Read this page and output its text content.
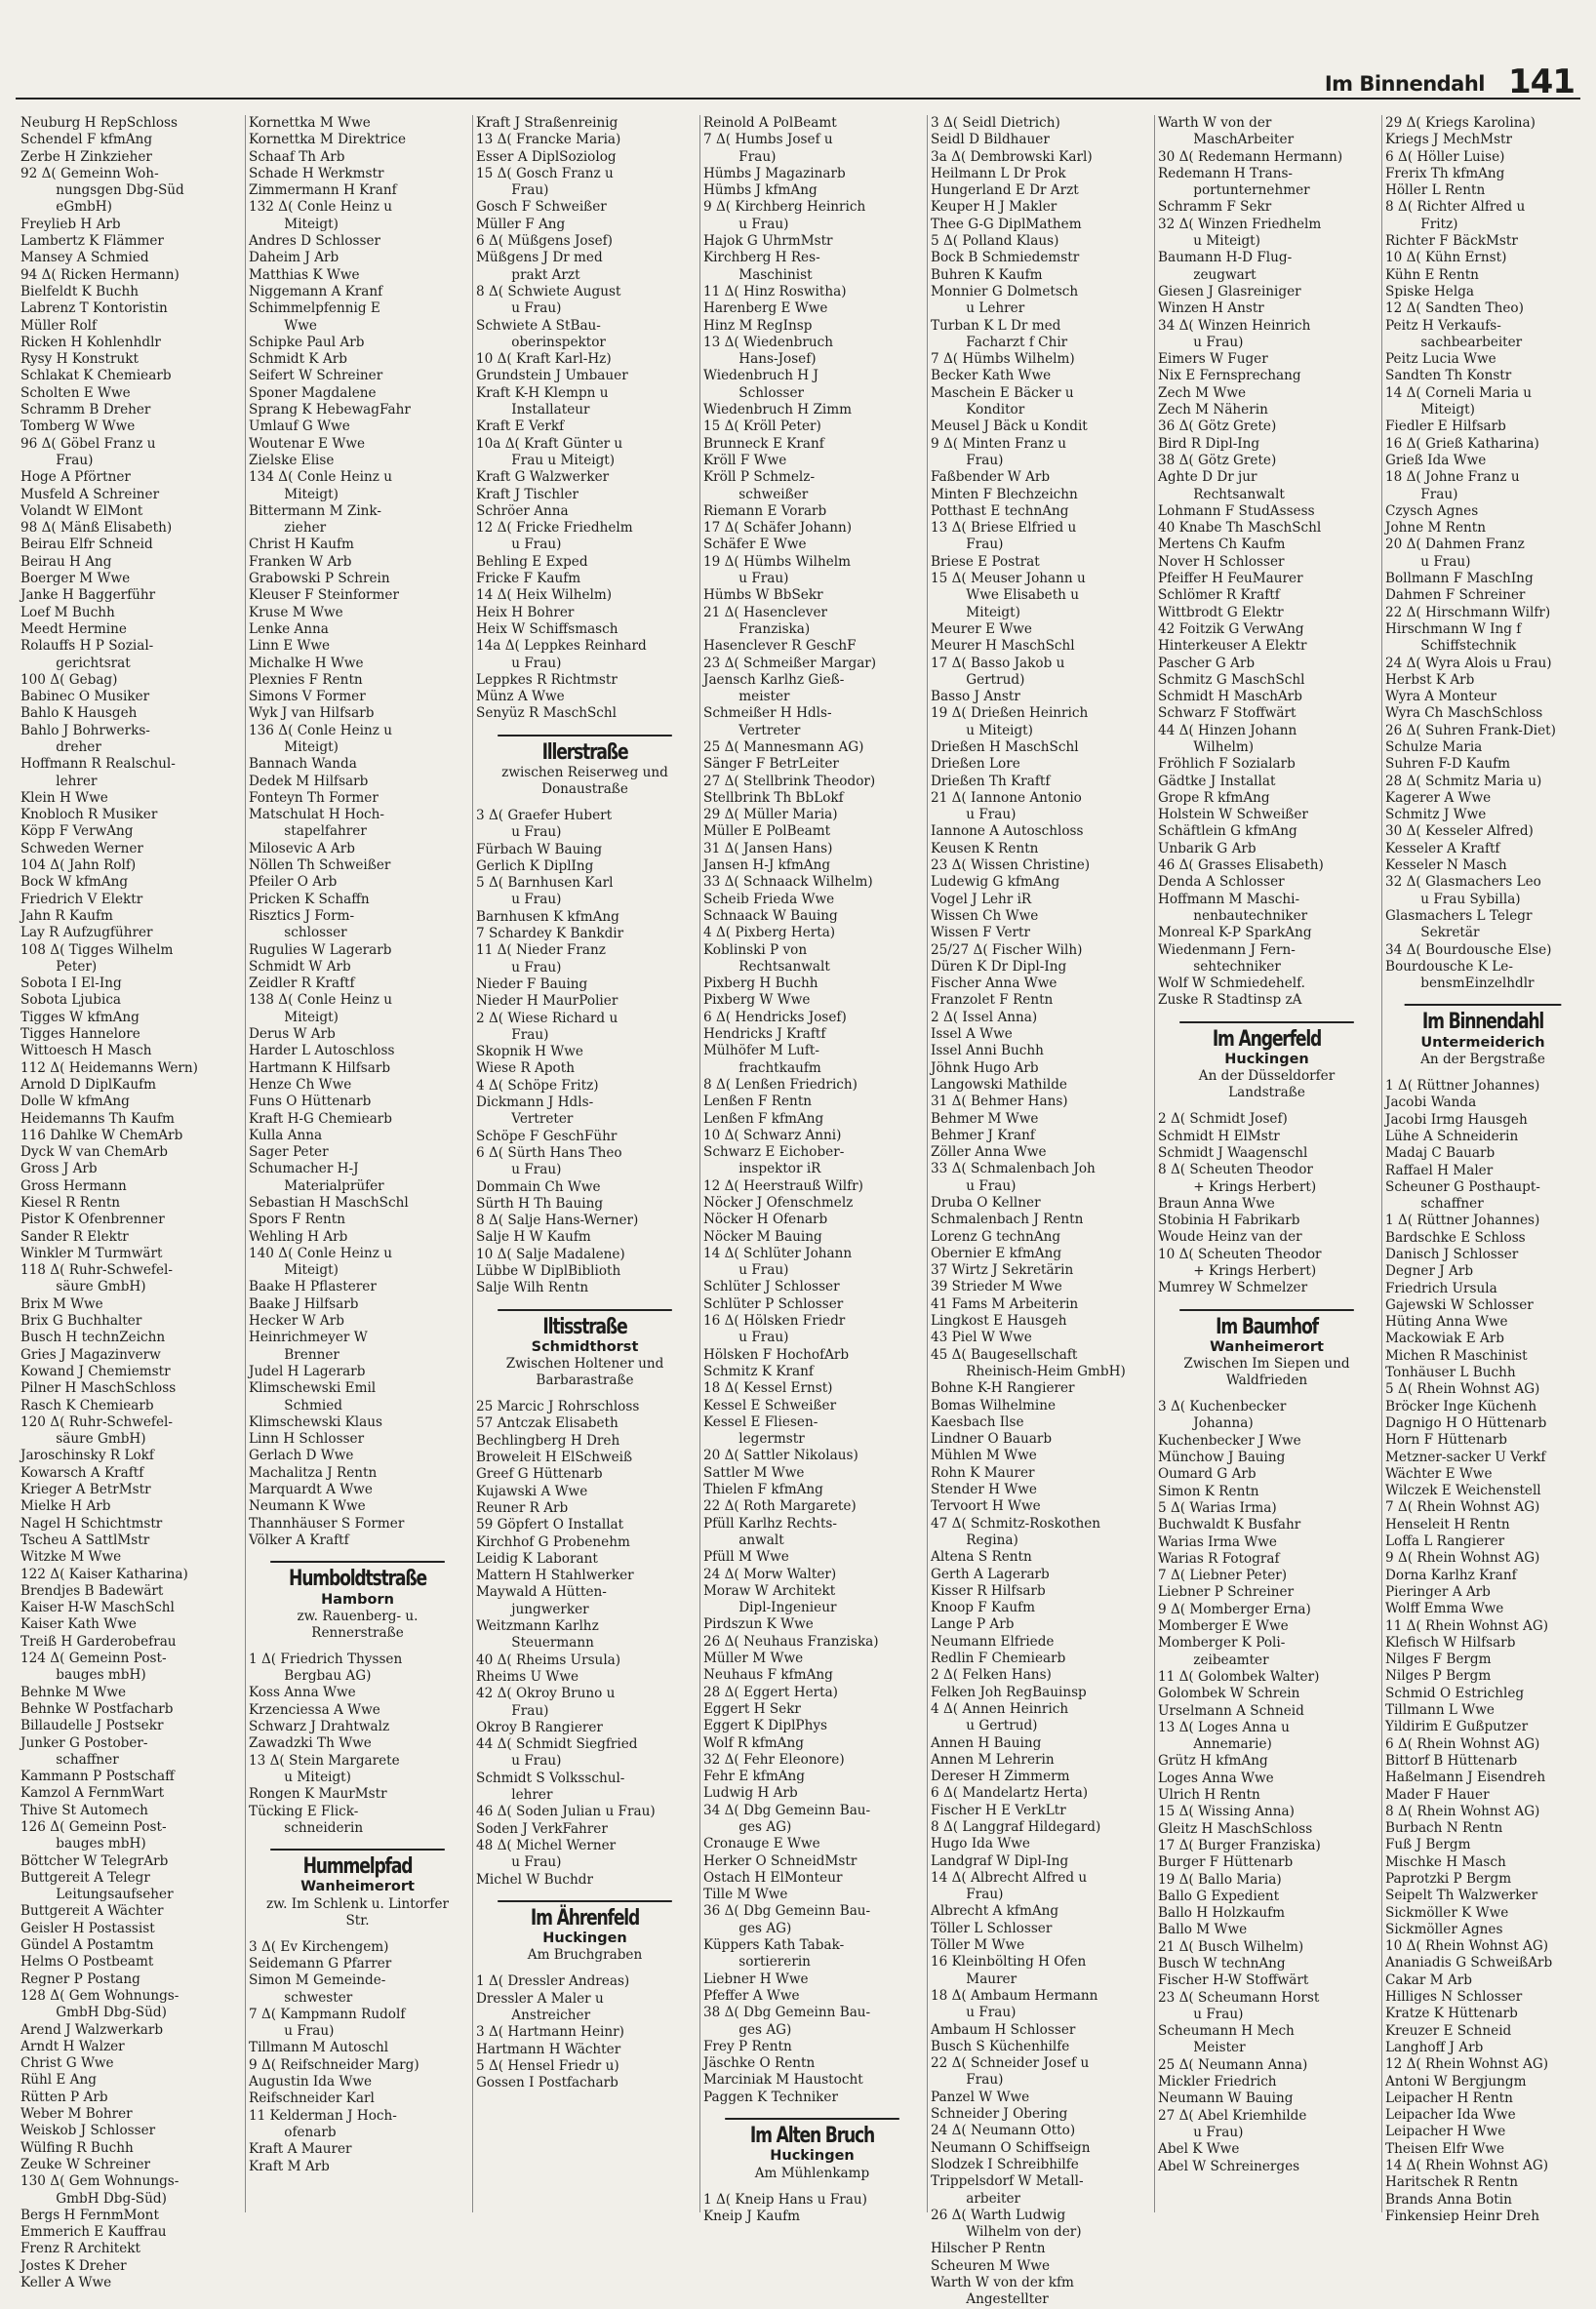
Im Binnendahl 141
Neuburg H RepSchloss
Schendel F kfmAng
Zerbe H Zinkzieher
92 Δ( Gemeinn Woh-
nungsgen Dbg-Süd
eGmbH)
Freylieb H Arb
Lambertz K Flämmer
Mansey A Schmied
94 Δ( Ricken Hermann)
Bielfeldt K Buchh
Labrenz T Kontoristin
Müller Rolf
Ricken H Kohlenhdlr
Rysy H Konstrukt
Schlakat K Chemiearb
Scholten E Wwe
Schramm B Dreher
Tomberg W Wwe
96 Δ( Göbel Franz u
Frau)
Hoge A Pförtner
Musfeld A Schreiner
Volandt W ElMont
98 Δ( Mänß Elisabeth)
Beirau Elfr Schneid
Beirau H Ang
Boerger M Wwe
Janke H Baggerführ
Loef M Buchh
Meedt Hermine
Rolauffs H P Sozial-
gerichtsrat
100 Δ( Gebag)
Babinec O Musiker
Bahlo K Hausgeh
Bahlo J Bohrwerks-
dreher
Hoffmann R Realschul-
lehrer
Klein H Wwe
Knobloch R Musiker
Köpp F VerwAng
Schweden Werner
104 Δ( Jahn Rolf)
Bock W kfmAng
Friedrich V Elektr
Jahn R Kaufm
Lay R Aufzugführer
108 Δ( Tigges Wilhelm
Peter)
Sobota I El-Ing
Sobota Ljubica
Tigges W kfmAng
Tigges Hannelore
Wittoesch H Masch
112 Δ( Heidemanns Wern)
Arnold D DiplKaufm
Dolle W kfmAng
Heidemanns Th Kaufm
116 Dahlke W ChemArb
Dyck W van ChemArb
Gross J Arb
Gross Hermann
Kiesel R Rentn
Pistor K Ofenbrenner
Sander R Elektr
Winkler M Turmwärt
118 Δ( Ruhr-Schwefel-
säure GmbH)
Brix M Wwe
Brix G Buchhalter
Busch H technZeichn
Gries J Magazinverw
Kowand J Chemiemstr
Pilner H MaschSchloss
Rasch K Chemiearb
120 Δ( Ruhr-Schwefel-
säure GmbH)
Jaroschinsky R Lokf
Kowarsch A Kraftf
Krieger A BetrMstr
Mielke H Arb
Nagel H Schichtmstr
Tscheu A SattlMstr
Witzke M Wwe
122 Δ( Kaiser Katharina)
Brendjes B Badewärt
Kaiser H-W MaschSchl
Kaiser Kath Wwe
Treiß H Garderobefrau
124 Δ( Gemeinn Post-
bauges mbH)
Behnke M Wwe
Behnke W Postfacharb
Billaudelle J Postsekr
Junker G Postober-
schaffner
Kammann P Postschaff
Kamzol A FernmWart
Thive St Automech
126 Δ( Gemeinn Post-
bauges mbH)
Böttcher W TelegrArb
Buttgereit A Telegr
Leitungsaufseher
Buttgereit A Wächter
Geisler H Postassist
Gündel A Postamtm
Helms O Postbeamt
Regner P Postang
128 Δ( Gem Wohnungs-
GmbH Dbg-Süd)
Arend J Walzwerkarb
Arndt H Walzer
Christ G Wwe
Rühl E Ang
Rütten P Arb
Weber M Bohrer
Weiskob J Schlosser
Wülfing R Buchh
Zeuke W Schreiner
130 Δ( Gem Wohnungs-
GmbH Dbg-Süd)
Bergs H FernmMont
Emmerich E Kauffrau
Frenz R Architekt
Jostes K Dreher
Keller A Wwe
Kornettka M Wwe
Kornettka M Direktrice
Schaaf Th Arb
Schade H Werkmstr
Zimmermann H Kranf
132 Δ( Conle Heinz u
Miteigt)
Andres D Schlosser
Daheim J Arb
Matthias K Wwe
Niggemann A Kranf
Schimmelpfennig E
Wwe
Schipke Paul Arb
Schmidt K Arb
Seifert W Schreiner
Sponer Magdalene
Sprang K HebewagFahr
Umlauf G Wwe
Woutenar E Wwe
Zielske Elise
134 Δ( Conle Heinz u
Miteigt)
Bittermann M Zink-
zieher
Christ H Kaufm
Franken W Arb
Grabowski P Schrein
Kleuser F Steinformer
Kruse M Wwe
Lenke Anna
Linn E Wwe
Michalke H Wwe
Plexnies F Rentn
Simons V Former
Wyk J van Hilfsarb
136 Δ( Conle Heinz u
Miteigt)
Bannach Wanda
Dedek M Hilfsarb
Fonteyn Th Former
Matschulat H Hoch-
stapelfahrer
Milosevic A Arb
Nöllen Th Schweißer
Pfeiler O Arb
Pricken K Schaffn
Risztics J Form-
schlosser
Rugulies W Lagerarb
Schmidt W Arb
Zeidler R Kraftf
138 Δ( Conle Heinz u
Miteigt)
Derus W Arb
Harder L Autoschloss
Hartmann K Hilfsarb
Henze Ch Wwe
Funs O Hüttenarb
Kraft H-G Chemiearb
Kulla Anna
Sager Peter
Schumacher H-J
Materialprüfer
Sebastian H MaschSchl
Spors F Rentn
Wehling H Arb
140 Δ( Conle Heinz u
Miteigt)
Baake H Pflasterer
Baake J Hilfsarb
Hecker W Arb
Heinrichmeyer W
Brenner
Judel H Lagerarb
Klimschewski Emil
Schmied
Klimschewski Klaus
Linn H Schlosser
Gerlach D Wwe
Machalitza J Rentn
Marquardt A Wwe
Neumann K Wwe
Thannhäuser S Former
Völker A Kraftf
Humboldtstraße
Hamborn
zw. Rauenberg- u. Rennerstraße
1 Δ( Friedrich Thyssen
Bergbau AG)
Koss Anna Wwe
Krzenciessa A Wwe
Schwarz J Drahtwalz
Zawadzki Th Wwe
13 Δ( Stein Margarete
u Miteigt)
Rongen K MaurMstr
Tücking E Flick-
schneiderin
Hummelpfad
Wanheimerort
zw. Im Schlenk u. Lintorfer Str.
3 Δ( Ev Kirchengem)
Seidemann G Pfarrer
Simon M Gemeinde-
schwester
7 Δ( Kampmann Rudolf
u Frau)
Tillmann M Autoschl
9 Δ( Reifschneider Marg)
Augustin Ida Wwe
Reifschneider Karl
11 Kelderman J Hoch-
ofenarb
Kraft A Maurer
Kraft M Arb
Kraft J Straßenreinig
13 Δ( Francke Maria)
Esser A DiplSoziolog
15 Δ( Gosch Franz u
Frau)
Gosch F Schweißer
Müller F Ang
6 Δ( Müßgens Josef)
Müßgens J Dr med
prakt Arzt
8 Δ( Schwiete August
u Frau)
Schwiete A StBau-
oberinspektor
10 Δ( Kraft Karl-Hz)
Grundstein J Umbauer
Kraft K-H Klempn u
Installateur
Kraft E Verkf
10a Δ( Kraft Günter u
Frau u Miteigt)
Kraft G Walzwerker
Kraft J Tischler
Schröer Anna
12 Δ( Fricke Friedhelm
u Frau)
Behling E Exped
Fricke F Kaufm
14 Δ( Heix Wilhelm)
Heix H Bohrer
Heix W Schiffsmasch
14a Δ( Leppkes Reinhard
u Frau)
Leppkes R Richtmstr
Münz A Wwe
Senyüz R MaschSchl
Illerstraße
zwischen Reiserweg und Donaustraße
3 Δ( Graefer Hubert
u Frau)
Fürbach W Bauing
Gerlich K DiplIng
5 Δ( Barnhusen Karl
u Frau)
Barnhusen K kfmAng
7 Schardey K Bankdir
11 Δ( Nieder Franz
u Frau)
Nieder F Bauing
Nieder H MaurPolier
2 Δ( Wiese Richard u
Frau)
Skopnik H Wwe
Wiese R Apoth
4 Δ( Schöpe Fritz)
Dickmann J Hdls-
Vertreter
Schöpe F GeschFühr
6 Δ( Sürth Hans Theo
u Frau)
Dommain Ch Wwe
Sürth H Th Bauing
8 Δ( Salje Hans-Werner)
Salje H W Kaufm
10 Δ( Salje Madalene)
Lübbe W DiplBiblioth
Salje Wilh Rentn
Iltisstraße
Schmidthorst
Zwischen Holtener und Barbarastraße
25 Marcic J Rohrschloss
57 Antczak Elisabeth
Bechlingberg H Dreh
Broweleit H ElSchweiß
Greef G Hüttenarb
Kujawski A Wwe
Reuner R Arb
59 Göpfert O Installat
Kirchhof G Probenehm
Leidig K Laborant
Mattern H Stahlwerker
Maywald A Hütten-
jungwerker
Weitzmann Karlhz
Steuermann
40 Δ( Rheims Ursula)
Rheims U Wwe
42 Δ( Okroy Bruno u
Frau)
Okroy B Rangierer
44 Δ( Schmidt Siegfried
u Frau)
Schmidt S Volksschul-
lehrer
46 Δ( Soden Julian u Frau)
Soden J VerkFahrer
48 Δ( Michel Werner
u Frau)
Michel W Buchdr
Im Ährenfeld
Huckingen
Am Bruchgraben
1 Δ( Dressler Andreas)
Dressler A Maler u
Anstreicher
3 Δ( Hartmann Heinr)
Hartmann H Wächter
5 Δ( Hensel Friedr u)
Gossen I Postfacharb
Reinold A PolBeamt
7 Δ( Humbs Josef u
Frau)
Hümbs J Magazinarb
Hümbs J kfmAng
9 Δ( Kirchberg Heinrich
u Frau)
Hajok G UhrmMstr
Kirchberg H Res-
Maschinist
11 Δ( Hinz Roswitha)
Harenberg E Wwe
Hinz M RegInsp
13 Δ( Wiedenbruch
Hans-Josef)
Wiedenbruch H J
Schlosser
Wiedenbruch H Zimm
15 Δ( Kröll Peter)
Brunneck E Kranf
Kröll F Wwe
Kröll P Schmelz-
schweißer
Riemann E Vorarb
17 Δ( Schäfer Johann)
Schäfer E Wwe
19 Δ( Hümbs Wilhelm
u Frau)
Hümbs W BbSekr
21 Δ( Hasenclever
Franziska)
Hasenclever R GeschF
23 Δ( Schmeißer Margar)
Jaensch Karlhz Gieß-
meister
Schmeißer H Hdls-
Vertreter
25 Δ( Mannesmann AG)
Sänger F BetrLeiter
27 Δ( Stellbrink Theodor)
Stellbrink Th BbLokf
29 Δ( Müller Maria)
Müller E PolBeamt
31 Δ( Jansen Hans)
Jansen H-J kfmAng
33 Δ( Schnaack Wilhelm)
Scheib Frieda Wwe
Schnaack W Bauing
4 Δ( Pixberg Herta)
Koblinski P von
Rechtsanwalt
Pixberg H Buchh
Pixberg W Wwe
6 Δ( Hendricks Josef)
Hendricks J Kraftf
Mülhöfer M Luft-
frachtkaufm
8 Δ( Lenßen Friedrich)
Lenßen F Rentn
Lenßen F kfmAng
10 Δ( Schwarz Anni)
Schwarz E Eichober-
inspektor iR
12 Δ( Heerstrauß Wilfr)
Nöcker J Ofenschmelz
Nöcker H Ofenarb
Nöcker M Bauing
14 Δ( Schlüter Johann
u Frau)
Schlüter J Schlosser
Schlüter P Schlosser
16 Δ( Hölsken Friedr
u Frau)
Hölsken F HochofArb
Schmitz K Kranf
18 Δ( Kessel Ernst)
Kessel E Schweißer
Kessel E Fliesen-
legermstr
20 Δ( Sattler Nikolaus)
Sattler M Wwe
Thielen F kfmAng
22 Δ( Roth Margarete)
Pfüll Karlhz Rechts-
anwalt
Pfüll M Wwe
24 Δ( Morw Walter)
Moraw W Architekt
Dipl-Ingenieur
Pirdszun K Wwe
26 Δ( Neuhaus Franziska)
Müller M Wwe
Neuhaus F kfmAng
28 Δ( Eggert Herta)
Eggert H Sekr
Eggert K DiplPhys
Wolf R kfmAng
32 Δ( Fehr Eleonore)
Fehr E kfmAng
Ludwig H Arb
34 Δ( Dbg Gemeinn Bau-
ges AG)
Cronauge E Wwe
Herker O SchneidMstr
Ostach H ElMonteur
Tille M Wwe
36 Δ( Dbg Gemeinn Bau-
ges AG)
Küppers Kath Tabak-
sortiererin
Liebner H Wwe
Pfeffer A Wwe
38 Δ( Dbg Gemeinn Bau-
ges AG)
Frey P Rentn
Jäschke O Rentn
Marciniak M Haustocht
Paggen K Techniker
Im Alten Bruch
Huckingen
Am Mühlenkamp
1 Δ( Kneip Hans u Frau)
Kneip J Kaufm
3 Δ( Seidl Dietrich)
Seidl D Bildhauer
3a Δ( Dembrowski Karl)
Heilmann L Dr Prok
Hungerland E Dr Arzt
Keuper H J Makler
Thee G-G DiplMathem
5 Δ( Polland Klaus)
Bock B Schmiedemstr
Buhren K Kaufm
Monnier G Dolmetsch
u Lehrer
Turban K L Dr med
Facharzt f Chir
7 Δ( Hümbs Wilhelm)
Becker Kath Wwe
Maschein E Bäcker u
Konditor
Meusel J Bäck u Kondit
9 Δ( Minten Franz u
Frau)
Faßbender W Arb
Minten F Blechzeichn
Potthast E technAng
13 Δ( Briese Elfried u
Frau)
Briese E Postrat
15 Δ( Meuser Johann u
Wwe Elisabeth u
Miteigt)
Meurer E Wwe
Meurer H MaschSchl
17 Δ( Basso Jakob u
Gertrud)
Basso J Anstr
19 Δ( Drießen Heinrich
u Miteigt)
Drießen H MaschSchl
Drießen Lore
Drießen Th Kraftf
21 Δ( Iannone Antonio
u Frau)
Iannone A Autoschloss
Keusen K Rentn
23 Δ( Wissen Christine)
Ludewig G kfmAng
Vogel J Lehr iR
Wissen Ch Wwe
Wissen F Vertr
25/27 Δ( Fischer Wilh)
Düren K Dr Dipl-Ing
Fischer Anna Wwe
Franzolet F Rentn
2 Δ( Issel Anna)
Issel A Wwe
Issel Anni Buchh
Jöhnk Hugo Arb
Langowski Mathilde
31 Δ( Behmer Hans)
Behmer M Wwe
Behmer J Kranf
Zöller Anna Wwe
33 Δ( Schmalenbach Joh
u Frau)
Druba O Kellner
Schmalenbach J Rentn
Lorenz G technAng
Obernier E kfmAng
37 Wirtz J Sekretärin
39 Strieder M Wwe
41 Fams M Arbeiterin
Lingkost E Hausgeh
43 Piel W Wwe
45 Δ( Baugesellschaft
Rheinisch-Heim GmbH)
Bohne K-H Rangierer
Bomas Wilhelmine
Kaesbach Ilse
Lindner O Bauarb
Mühlen M Wwe
Rohn K Maurer
Stender H Wwe
Tervoort H Wwe
47 Δ( Schmitz-Roskothen
Regina)
Altena S Rentn
Gerth A Lagerarb
Kisser R Hilfsarb
Knoop F Kaufm
Lange P Arb
Neumann Elfriede
Redlin F Chemiearb
2 Δ( Felken Hans)
Felken Joh RegBauinsp
4 Δ( Annen Heinrich
u Gertrud)
Annen H Bauing
Annen M Lehrerin
Dereser H Zimmerm
6 Δ( Mandelartz Herta)
Fischer H E VerkLtr
8 Δ( Langgraf Hildegard)
Hugo Ida Wwe
Landgraf W Dipl-Ing
14 Δ( Albrecht Alfred u
Frau)
Albrecht A kfmAng
Töller L Schlosser
Töller M Wwe
16 Kleinbölting H Ofen
Maurer
18 Δ( Ambaum Hermann
u Frau)
Ambaum H Schlosser
Busch S Küchenhilfe
22 Δ( Schneider Josef u
Frau)
Panzel W Wwe
Schneider J Obering
24 Δ( Neumann Otto)
Neumann O Schiffseign
Slodzek I Schreibhilfe
Trippelsdorf W Metall-
arbeiter
26 Δ( Warth Ludwig
Wilhelm von der)
Hilscher P Rentn
Scheuren M Wwe
Warth W von der kfm
Angestellter
Warth W von der
MaschArbeiter
30 Δ( Redemann Hermann)
Redemann H Trans-
portunternehmer
Schramm F Sekr
32 Δ( Winzen Friedhelm
u Miteigt)
Baumann H-D Flug-
zeugwart
Giesen J Glasreiniger
Winzen H Anstr
34 Δ( Winzen Heinrich
u Frau)
Eimers W Fuger
Nix E Fernsprechang
Zech M Wwe
Zech M Näherin
36 Δ( Götz Grete)
Bird R Dipl-Ing
38 Δ( Götz Grete)
Aghte D Dr jur
Rechtsanwalt
Lohmann F StudAssess
40 Knabe Th MaschSchl
Mertens Ch Kaufm
Nover H Schlosser
Pfeiffer H FeuMaurer
Schlömer R Kraftf
Wittbrodt G Elektr
42 Foitzik G VerwAng
Hinterkeuser A Elektr
Pascher G Arb
Schmitz G MaschSchl
Schmidt H MaschArb
Schwarz F Stoffwärt
44 Δ( Hinzen Johann
Wilhelm)
Fröhlich F Sozialarb
Gädtke J Installat
Grope R kfmAng
Holstein W Schweißer
Schäftlein G kfmAng
Unbarik G Arb
46 Δ( Grasses Elisabeth)
Denda A Schlosser
Hoffmann M Maschi-
nenbautechniker
Monreal K-P SparkAng
Wiedenmann J Fern-
sehtechniker
Wolf W Schmiedehelf.
Zuske R Stadtinsp zA
Im Angerfeld
Huckingen
An der Düsseldorfer Landstraße
2 Δ( Schmidt Josef)
Schmidt H ElMstr
Schmidt J Waagenschl
8 Δ( Scheuten Theodor
+ Krings Herbert)
Braun Anna Wwe
Stobinia H Fabrikarb
Woude Heinz van der
10 Δ( Scheuten Theodor
+ Krings Herbert)
Mumrey W Schmelzer
Im Baumhof
Wanheimerort
Zwischen Im Siepen und Waldfrieden
3 Δ( Kuchenbecker
Johanna)
Kuchenbecker J Wwe
Münchow J Bauing
Oumard G Arb
Simon K Rentn
5 Δ( Warias Irma)
Buchwaldt K Busfahr
Warias Irma Wwe
Warias R Fotograf
7 Δ( Liebner Peter)
Liebner P Schreiner
9 Δ( Momberger Erna)
Momberger E Wwe
Momberger K Poli-
zeibeamter
11 Δ( Golombek Walter)
Golombek W Schrein
Urselmann A Schneid
13 Δ( Loges Anna u
Annemarie)
Grütz H kfmAng
Loges Anna Wwe
Ulrich H Rentn
15 Δ( Wissing Anna)
Gleitz H MaschSchloss
17 Δ( Burger Franziska)
Burger F Hüttenarb
19 Δ( Ballo Maria)
Ballo G Expedient
Ballo H Holzkaufm
Ballo M Wwe
21 Δ( Busch Wilhelm)
Busch W technAng
Fischer H-W Stoffwärt
23 Δ( Scheumann Horst
u Frau)
Scheumann H Mech
Meister
25 Δ( Neumann Anna)
Mickler Friedrich
Neumann W Bauing
27 Δ( Abel Kriemhilde
u Frau)
Abel K Wwe
Abel W Schreinerges
29 Δ( Kriegs Karolina)
Kriegs J MechMstr
6 Δ( Höller Luise)
Frerix Th kfmAng
Höller L Rentn
8 Δ( Richter Alfred u
Fritz)
Richter F BäckMstr
10 Δ( Kühn Ernst)
Kühn E Rentn
Spiske Helga
12 Δ( Sandten Theo)
Peitz H Verkaufs-
sachbearbeiter
Peitz Lucia Wwe
Sandten Th Konstr
14 Δ( Corneli Maria u
Miteigt)
Fiedler E Hilfsarb
16 Δ( Grieß Katharina)
Grieß Ida Wwe
18 Δ( Johne Franz u
Frau)
Czysch Agnes
Johne M Rentn
20 Δ( Dahmen Franz
u Frau)
Bollmann F MaschIng
Dahmen F Schreiner
22 Δ( Hirschmann Wilfr)
Hirschmann W Ing f
Schiffstechnik
24 Δ( Wyra Alois u Frau)
Herbst K Arb
Wyra A Monteur
Wyra Ch MaschSchloss
26 Δ( Suhren Frank-Diet)
Schulze Maria
Suhren F-D Kaufm
28 Δ( Schmitz Maria u)
Kagerer A Wwe
Schmitz J Wwe
30 Δ( Kesseler Alfred)
Kesseler A Kraftf
Kesseler N Masch
32 Δ( Glasmachers Leo
u Frau Sybilla)
Glasmachers L Telegr
Sekretär
34 Δ( Bourdousche Else)
Bourdousche K Le-
bensmEinzelhdlr
Im Binnendahl
Untermeiderich
An der Bergstraße
1 Δ( Rüttner Johannes)
Jacobi Wanda
Jacobi Irmg Hausgeh
Lühe A Schneiderin
Madaj C Bauarb
Raffael H Maler
Scheuner G Posthaupt-
schaffner
1 Δ( Rüttner Johannes)
Bardschke E Schloss
Danisch J Schlosser
Degner J Arb
Friedrich Ursula
Gajewski W Schlosser
Hüting Anna Wwe
Mackowiak E Arb
Michen R Maschinist
Tonhäuser L Buchh
5 Δ( Rhein Wohnst AG)
Bröcker Inge Küchenh
Dagnigo H O Hüttenarb
Horn F Hüttenarb
Metzner-sacker U Verkf
Wächter E Wwe
Wilczek E Weichenstell
7 Δ( Rhein Wohnst AG)
Henseleit H Rentn
Loffa L Rangierer
9 Δ( Rhein Wohnst AG)
Dorna Karlhz Kranf
Pieringer A Arb
Wolff Emma Wwe
11 Δ( Rhein Wohnst AG)
Klefisch W Hilfsarb
Nilges F Bergm
Nilges P Bergm
Schmid O Estrichleg
Tillmann L Wwe
Yildirim E Gußputzer
6 Δ( Rhein Wohnst AG)
Bittorf B Hüttenarb
Haßelmann J Eisendreh
Mader F Hauer
8 Δ( Rhein Wohnst AG)
Burbach N Rentn
Fuß J Bergm
Mischke H Masch
Paprotzki P Bergm
Seipelt Th Walzwerker
Sickmöller K Wwe
Sickmöller Agnes
10 Δ( Rhein Wohnst AG)
Ananiadis G SchweißArb
Cakar M Arb
Hilliges N Schlosser
Kratze K Hüttenarb
Kreuzer E Schneid
Langhoff J Arb
12 Δ( Rhein Wohnst AG)
Antoni W Bergjungm
Leipacher H Rentn
Leipacher Ida Wwe
Leipacher H Wwe
Theisen Elfr Wwe
14 Δ( Rhein Wohnst AG)
Haritschek R Rentn
Brands Anna Botin
Finkensiep Heinr Dreh
